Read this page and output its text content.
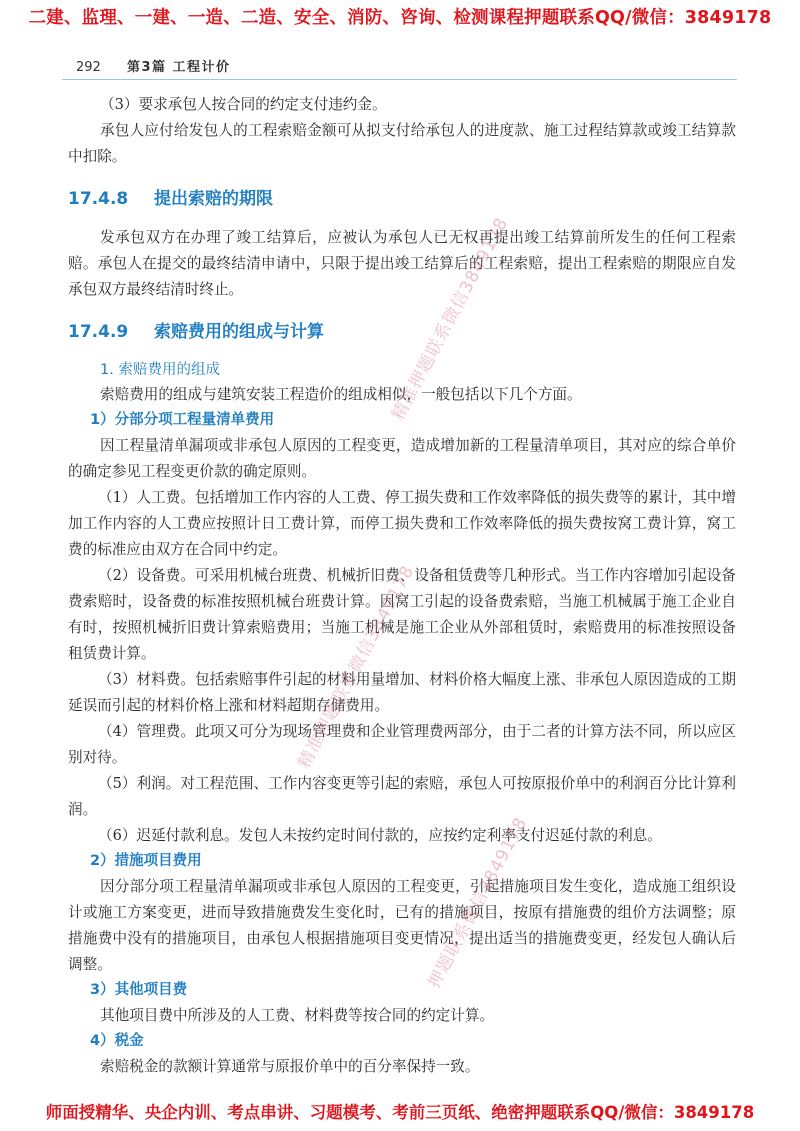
二建、监理、一建、一造、二造、安全、消防、咨询、检测课程押题联系QQ/微信：3849178
292 第3篇 工程计价

（3）要求承包人按合同的约定支付违约金。

承包人应付给发包人的工程索赔金额可从拟支付给承包人的进度款、施工过程结算款或竣工结算款中扣除。

17.4.8 提出索赔的期限

发承包双方在办理了竣工结算后，应被认为承包人已无权再提出竣工结算前所发生的任何工程索赔。承包人在提交的最终结清申请中，只限于提出竣工结算后的工程索赔，提出工程索赔的期限应自发承包双方最终结清时终止。

17.4.9 索赔费用的组成与计算
1. 索赔费用的组成

索赔费用的组成与建筑安装工程造价的组成相似，一般包括以下几个方面。

1）分部分项工程量清单费用

因工程量清单漏项或非承包人原因的工程变更，造成增加新的工程量清单项目，其对应的综合单价的确定参见工程变更价款的确定原则。

（1）人工费。包括增加工作内容的人工费、停工损失费和工作效率降低的损失费等的累计，其中增加工作内容的人工费应按照计日工费计算，而停工损失费和工作效率降低的损失费按窝工费计算，窝工费的标准应由双方在合同中约定。

（2）设备费。可采用机械台班费、机械折旧费、设备租赁费等几种形式。当工作内容增加引起设备费索赔时，设备费的标准按照机械台班费计算。因窝工引起的设备费索赔，当施工机械属于施工企业自有时，按照机械折旧费计算索赔费用；当施工机械是施工企业从外部租赁时，索赔费用的标准按照设备租赁费计算。

（3）材料费。包括索赔事件引起的材料用量增加、材料价格大幅度上涨、非承包人原因造成的工期延误而引起的材料价格上涨和材料超期存储费用。

（4）管理费。此项又可分为现场管理费和企业管理费两部分，由于二者的计算方法不同，所以应区别对待。

（5）利润。对工程范围、工作内容变更等引起的索赔，承包人可按原报价单中的利润百分比计算利润。

（6）迟延付款利息。发包人未按约定时间付款的，应按约定利率支付迟延付款的利息。

2）措施项目费用

因分部分项工程量清单漏项或非承包人原因的工程变更，引起措施项目发生变化，造成施工组织设计或施工方案变更，进而导致措施费发生变化时，已有的措施项目，按原有措施费的组价方法调整；原措施费中没有的措施项目，由承包人根据措施项目变更情况，提出适当的措施费变更，经发包人确认后调整。

3）其他项目费

其他项目费中所涉及的人工费、材料费等按合同的约定计算。

4）税金

索赔税金的款额计算通常与原报价单中的百分率保持一致。

精准押题联系微信3849178
精准押题联系微信3849178
押题联系微信3849178
师面授精华、央企内训、考点串讲、习题模考、考前三页纸、绝密押题联系QQ/微信：3849178
